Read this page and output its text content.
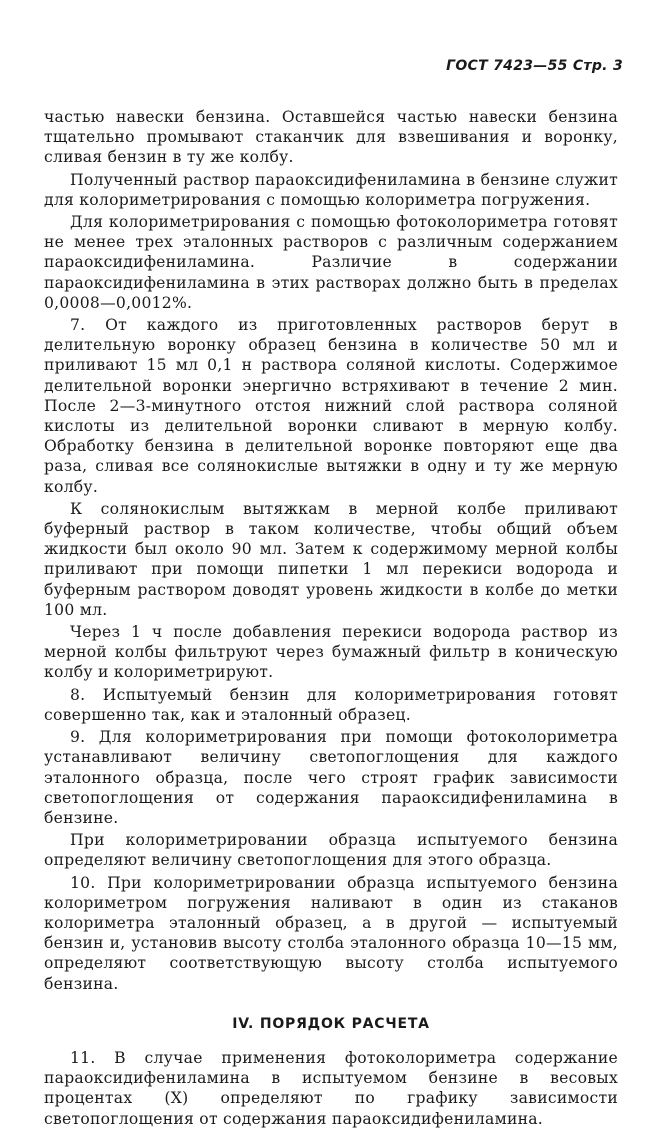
ГОСТ 7423—55 Стр. 3

частью навески бензина. Оставшейся частью навески бензина тщательно промывают стаканчик для взвешивания и воронку, сливая бензин в ту же колбу.

Полученный раствор параоксидифениламина в бензине служит для колориметрирования с помощью колориметра погружения.

Для колориметрирования с помощью фотоколориметра готовят не менее трех эталонных растворов с различным содержанием параоксидифениламина. Различие в содержании параоксидифениламина в этих растворах должно быть в пределах 0,0008—0,0012%.

7. От каждого из приготовленных растворов берут в делительную воронку образец бензина в количестве 50 мл и приливают 15 мл 0,1 н раствора соляной кислоты. Содержимое делительной воронки энергично встряхивают в течение 2 мин. После 2—3-минутного отстоя нижний слой раствора соляной кислоты из делительной воронки сливают в мерную колбу. Обработку бензина в делительной воронке повторяют еще два раза, сливая все солянокислые вытяжки в одну и ту же мерную колбу.

К солянокислым вытяжкам в мерной колбе приливают буферный раствор в таком количестве, чтобы общий объем жидкости был около 90 мл. Затем к содержимому мерной колбы приливают при помощи пипетки 1 мл перекиси водорода и буферным раствором доводят уровень жидкости в колбе до метки 100 мл.

Через 1 ч после добавления перекиси водорода раствор из мерной колбы фильтруют через бумажный фильтр в коническую колбу и колориметрируют.

8. Испытуемый бензин для колориметрирования готовят совершенно так, как и эталонный образец.

9. Для колориметрирования при помощи фотоколориметра устанавливают величину светопоглощения для каждого эталонного образца, после чего строят график зависимости светопоглощения от содержания параоксидифениламина в бензине.

При колориметрировании образца испытуемого бензина определяют величину светопоглощения для этого образца.

10. При колориметрировании образца испытуемого бензина колориметром погружения наливают в один из стаканов колориметра эталонный образец, а в другой — испытуемый бензин и, установив высоту столба эталонного образца 10—15 мм, определяют соответствующую высоту столба испытуемого бензина.

IV. ПОРЯДОК РАСЧЕТА

11. В случае применения фотоколориметра содержание параоксидифениламина в испытуемом бензине в весовых процентах (X) определяют по графику зависимости светопоглощения от содержания параоксидифениламина.
